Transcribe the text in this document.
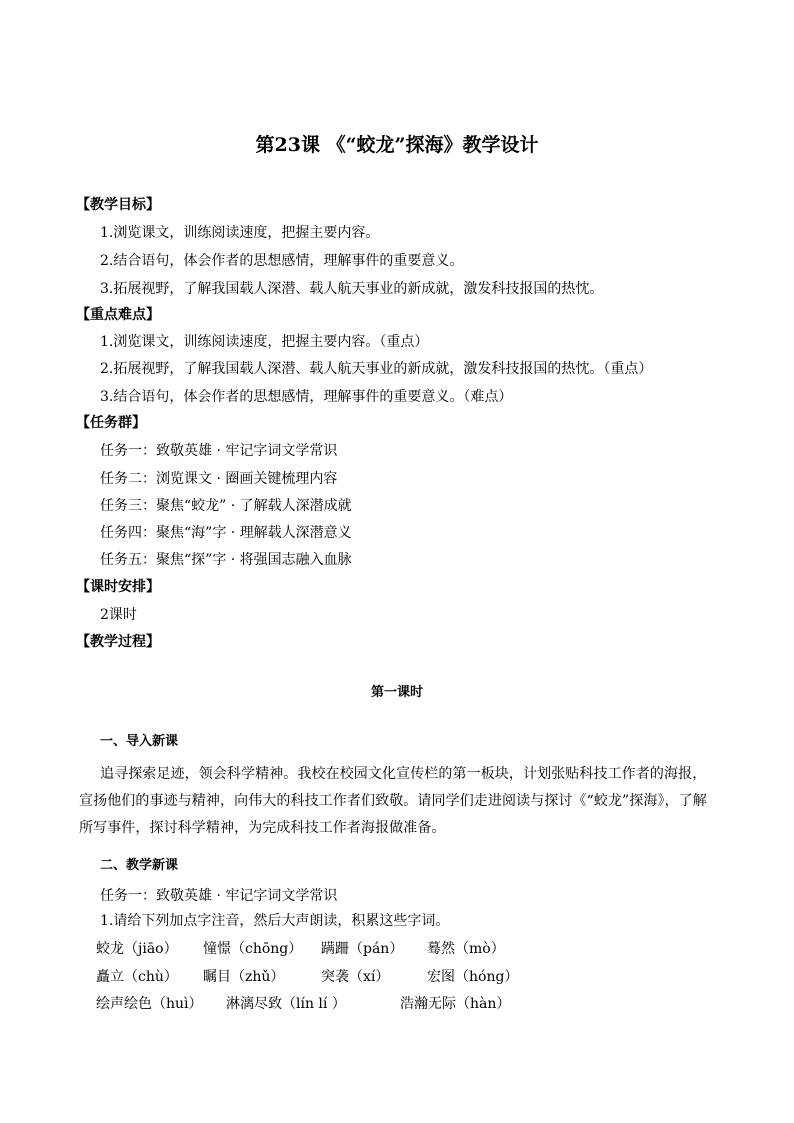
第23课 《“蛟龙”探海》教学设计
【教学目标】
1.浏览课文，训练阅读速度，把握主要内容。
2.结合语句，体会作者的思想感情，理解事件的重要意义。
3.拓展视野，了解我国载人深潜、载人航天事业的新成就，激发科技报国的热忱。
【重点难点】
1.浏览课文，训练阅读速度，把握主要内容。（重点）
2.拓展视野，了解我国载人深潜、载人航天事业的新成就，激发科技报国的热忱。（重点）
3.结合语句，体会作者的思想感情，理解事件的重要意义。（难点）
【任务群】
任务一：致敬英雄 · 牢记字词文学常识
任务二：浏览课文 · 圈画关键梳理内容
任务三：聚焦“蛟龙” · 了解载人深潜成就
任务四：聚焦“海”字 · 理解载人深潜意义
任务五：聚焦“探”字 · 将强国志融入血脉
【课时安排】
2课时
【教学过程】
第一课时
一、导入新课
追寻探索足迹，领会科学精神。我校在校园文化宣传栏的第一板块，计划张贴科技工作者的海报，宣扬他们的事迹与精神，向伟大的科技工作者们致敬。请同学们走进阅读与探讨《“蛟龙”探海》，了解所写事件，探讨科学精神，为完成科技工作者海报做准备。
二、教学新课
任务一：致敬英雄 · 牢记字词文学常识
1.请给下列加点字注音，然后大声朗读，积累这些字词。
蛟龙（jiāo） 憧憬（chōng） 蹒跚（pán） 蓦然（mò）
矗立（chù） 瞩目（zhǔ）	突袭（xí）	宏图（hóng）
绘声绘色（huì） 淋漓尽致（lín lí ）	浩瀚无际（hàn）
